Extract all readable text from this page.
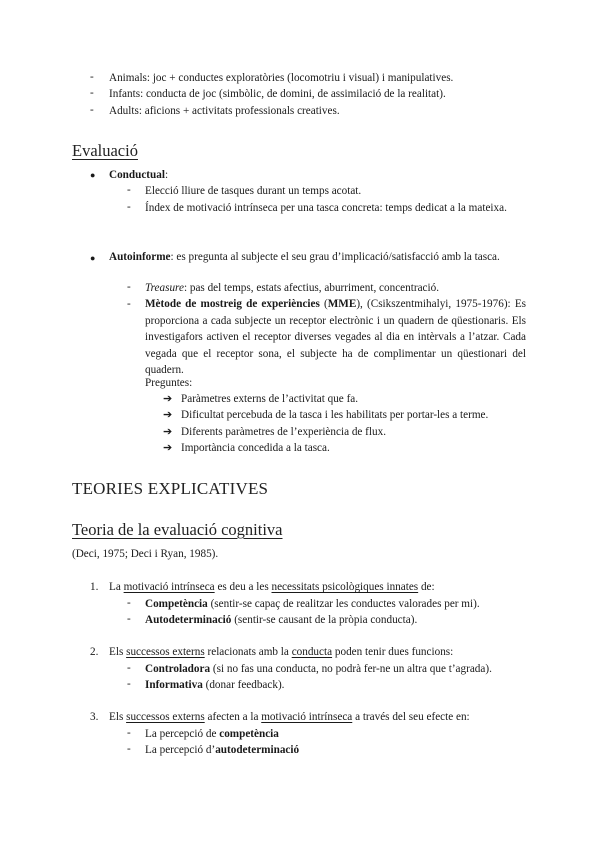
- Animals: joc + conductes exploratòries (locomotriu i visual) i manipulatives.
- Infants: conducta de joc (simbòlic, de domini, de assimilació de la realitat).
- Adults: aficions + activitats professionals creatives.
Evaluació
● Conductual:
- Elecció lliure de tasques durant un temps acotat.
- Índex de motivació intrínseca per una tasca concreta: temps dedicat a la mateixa.
● Autoinforme: es pregunta al subjecte el seu grau d’implicació/satisfacció amb la tasca.
- Treasure: pas del temps, estats afectius, aburriment, concentració.
- Mètode de mostreig de experiències (MME), (Csikszentmihalyi, 1975-1976): Es proporciona a cada subjecte un receptor electrònic i un quadern de qüestionaris. Els investigafors activen el receptor diverses vegades al dia en intèrvals a l’atzar. Cada vegada que el receptor sona, el subjecte ha de complimentar un qüestionari del quadern.
Preguntes:
➔ Paràmetres externs de l’activitat que fa.
➔ Dificultat percebuda de la tasca i les habilitats per portar-les a terme.
➔ Diferents paràmetres de l’experiència de flux.
➔ Importància concedida a la tasca.
TEORIES EXPLICATIVES
Teoria de la evaluació cognitiva
(Deci, 1975; Deci i Ryan, 1985).
1. La motivació intrínseca es deu a les necessitats psicològiques innates de:
- Competència (sentir-se capaç de realitzar les conductes valorades per mi).
- Autodeterminació (sentir-se causant de la pròpia conducta).
2. Els successos externs relacionats amb la conducta poden tenir dues funcions:
- Controladora (si no fas una conducta, no podrà fer-ne un altra que t’agrada).
- Informativa (donar feedback).
3. Els successos externs afecten a la motivació intrínseca a través del seu efecte en:
- La percepció de competència
- La percepció d’autodeterminació
